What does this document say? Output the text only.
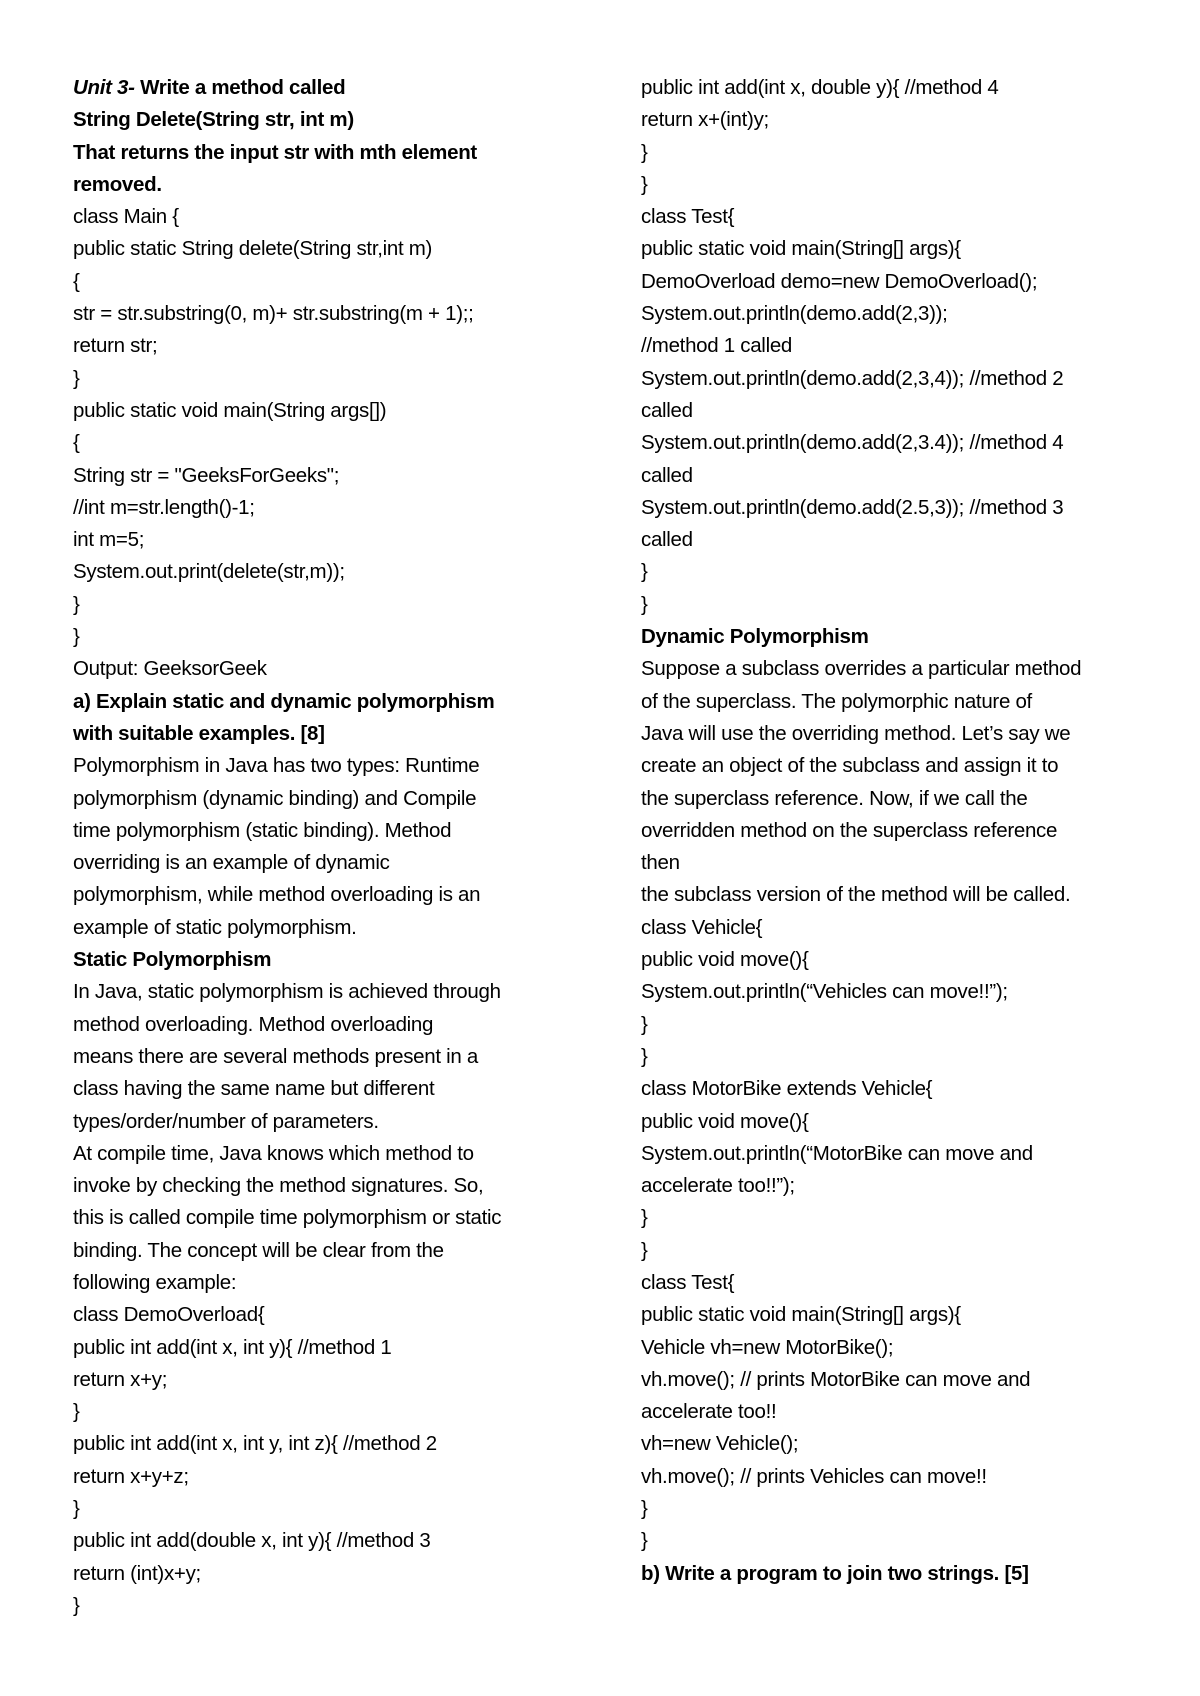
Unit 3- Write a method called
String Delete(String str, int m)
That returns the input str with mth element
removed.
class Main {
public static String delete(String str,int m)
{
str = str.substring(0, m)+ str.substring(m + 1);;
return str;
}
public static void main(String args[])
{
String str = "GeeksForGeeks";
//int m=str.length()-1;
int m=5;
System.out.print(delete(str,m));
}
}
Output: GeeksorGeek
a) Explain static and dynamic polymorphism
with suitable examples. [8]
Polymorphism in Java has two types: Runtime
polymorphism (dynamic binding) and Compile
time polymorphism (static binding). Method
overriding is an example of dynamic
polymorphism, while method overloading is an
example of static polymorphism.
Static Polymorphism
In Java, static polymorphism is achieved through
method overloading. Method overloading
means there are several methods present in a
class having the same name but different
types/order/number of parameters.
At compile time, Java knows which method to
invoke by checking the method signatures. So,
this is called compile time polymorphism or static
binding. The concept will be clear from the
following example:
class DemoOverload{
public int add(int x, int y){ //method 1
return x+y;
}
public int add(int x, int y, int z){ //method 2
return x+y+z;
}
public int add(double x, int y){ //method 3
return (int)x+y;
}
public int add(int x, double y){ //method 4
return x+(int)y;
}
}
class Test{
public static void main(String[] args){
DemoOverload demo=new DemoOverload();
System.out.println(demo.add(2,3));
//method 1 called
System.out.println(demo.add(2,3,4)); //method 2
called
System.out.println(demo.add(2,3.4)); //method 4
called
System.out.println(demo.add(2.5,3)); //method 3
called
}
}
Dynamic Polymorphism
Suppose a subclass overrides a particular method
of the superclass. The polymorphic nature of
Java will use the overriding method. Let’s say we
create an object of the subclass and assign it to
the superclass reference. Now, if we call the
overridden method on the superclass reference
then
the subclass version of the method will be called.
class Vehicle{
public void move(){
System.out.println(“Vehicles can move!!”);
}
}
class MotorBike extends Vehicle{
public void move(){
System.out.println(“MotorBike can move and
accelerate too!!”);
}
}
class Test{
public static void main(String[] args){
Vehicle vh=new MotorBike();
vh.move(); // prints MotorBike can move and
accelerate too!!
vh=new Vehicle();
vh.move(); // prints Vehicles can move!!
}
}
b) Write a program to join two strings. [5]
